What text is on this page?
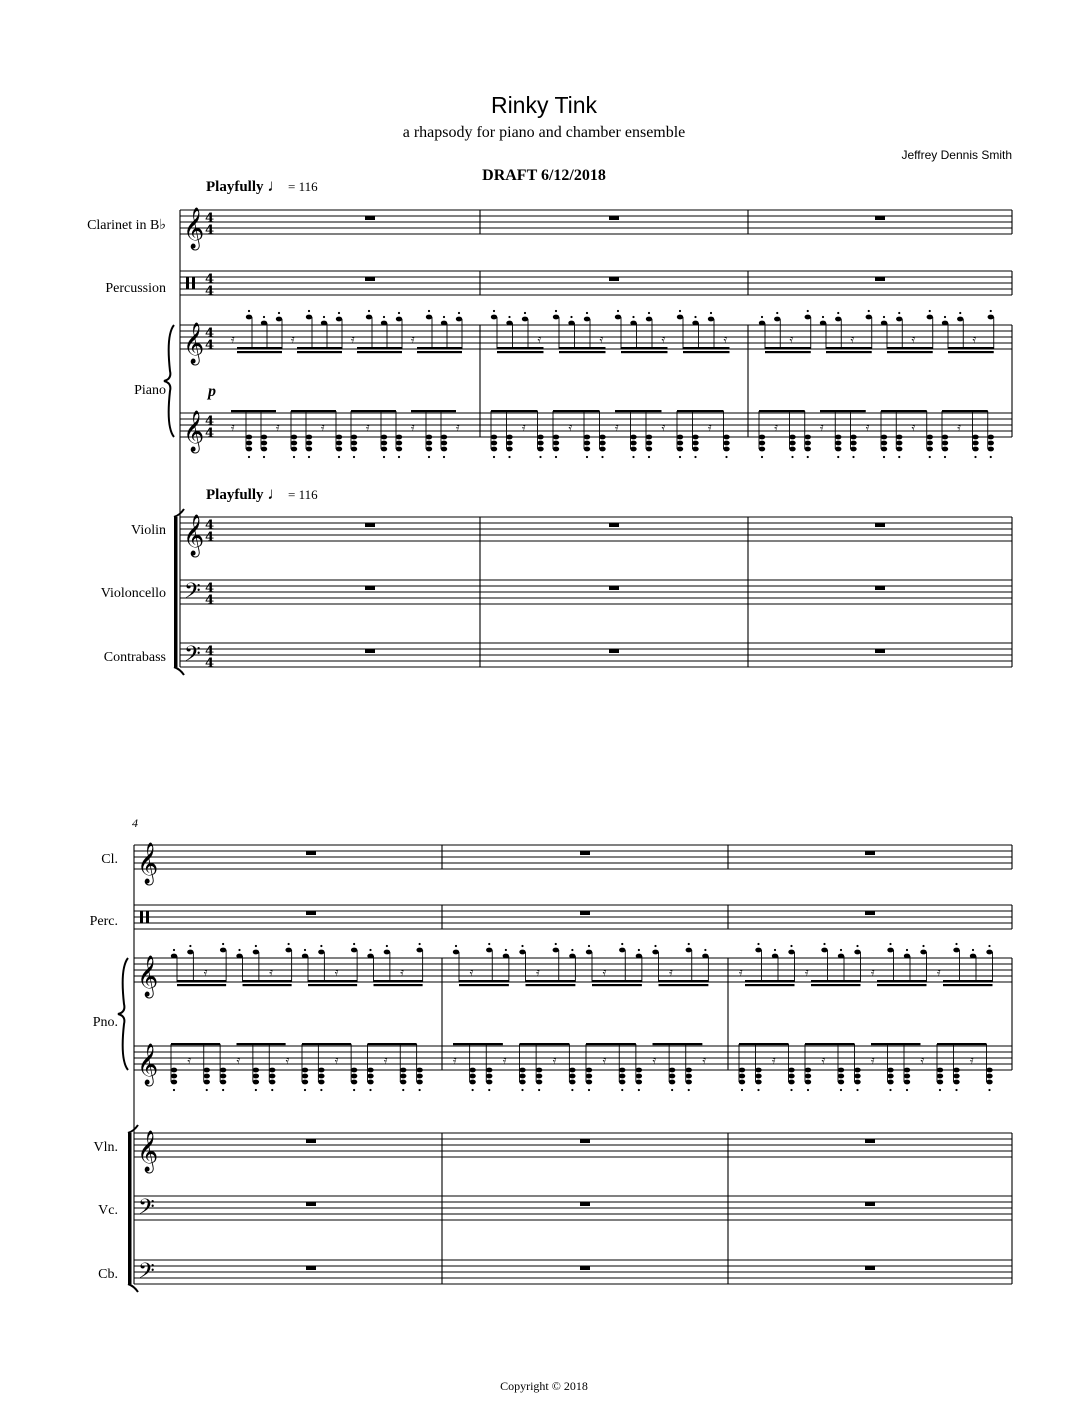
Rinky Tink
a rhapsody for piano and chamber ensemble
Jeffrey Dennis Smith
DRAFT 6/12/2018
Playfully ♩ = 116
Playfully ♩ = 116
Clarinet in B♭
Percussion
Piano
Violin
Violoncello
Contrabass
p
4
Cl.
Perc.
Pno.
Vln.
Vc.
Cb.
Copyright © 2018
𝄞 4
4
4
4
𝄞 4
4
𝄞 4
4
𝄞 4
4
𝄢 4
4
𝄢 4
4
𝄿	𝄿	𝄿	𝄿
𝄿	𝄿	𝄿	𝄿	𝄿	𝄿
𝄿	𝄿	𝄿	𝄿
𝄿	𝄿	𝄿	𝄿	𝄿
𝄿	𝄿	𝄿	𝄿
𝄿	𝄿	𝄿	𝄿	𝄿
𝄞
𝄞
𝄞
𝄞
𝄢
𝄢
𝄿	𝄿	𝄿	𝄿
𝄿	𝄿	𝄿	𝄿	𝄿
𝄿	𝄿	𝄿	𝄿
𝄿	𝄿	𝄿	𝄿	𝄿	𝄿
𝄿	𝄿	𝄿	𝄿
𝄿	𝄿	𝄿	𝄿	𝄿
